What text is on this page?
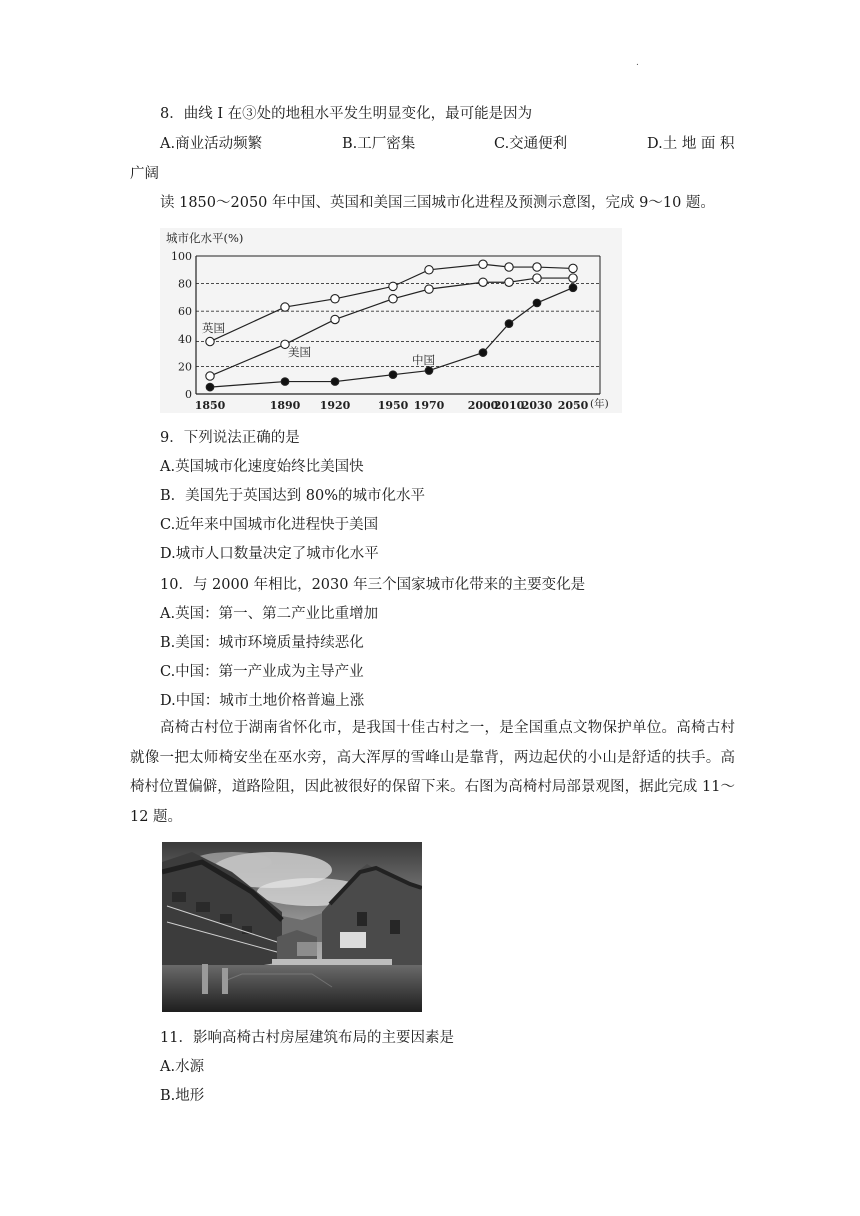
.
8．曲线 I 在③处的地租水平发生明显变化，最可能是因为
A.商业活动频繁	B.工厂密集	C.交通便利	D.土 地 面 积
广阔
读 1850～2050 年中国、英国和美国三国城市化进程及预测示意图，完成 9～10 题。
城市化水平(%)
0
20
40
60
80
100
1850	1890 1920 1950 1970 2000
2010
2030 2050 (年)
英国
美国
中国
9．下列说法正确的是
A.英国城市化速度始终比美国快
B．美国先于英国达到 80%的城市化水平
C.近年来中国城市化进程快于美国
D.城市人口数量决定了城市化水平
10．与 2000 年相比，2030 年三个国家城市化带来的主要变化是
A.英国：第一、第二产业比重增加
B.美国：城市环境质量持续恶化
C.中国：第一产业成为主导产业
D.中国：城市土地价格普遍上涨
高椅古村位于湖南省怀化市，是我国十佳古村之一，是全国重点文物保护单位。高椅古村就像一把太师椅安坐在巫水旁，高大浑厚的雪峰山是靠背，两边起伏的小山是舒适的扶手。高椅村位置偏僻，道路险阻，因此被很好的保留下来。右图为高椅村局部景观图，据此完成 11～12 题。
11．影响高椅古村房屋建筑布局的主要因素是
A.水源
B.地形
